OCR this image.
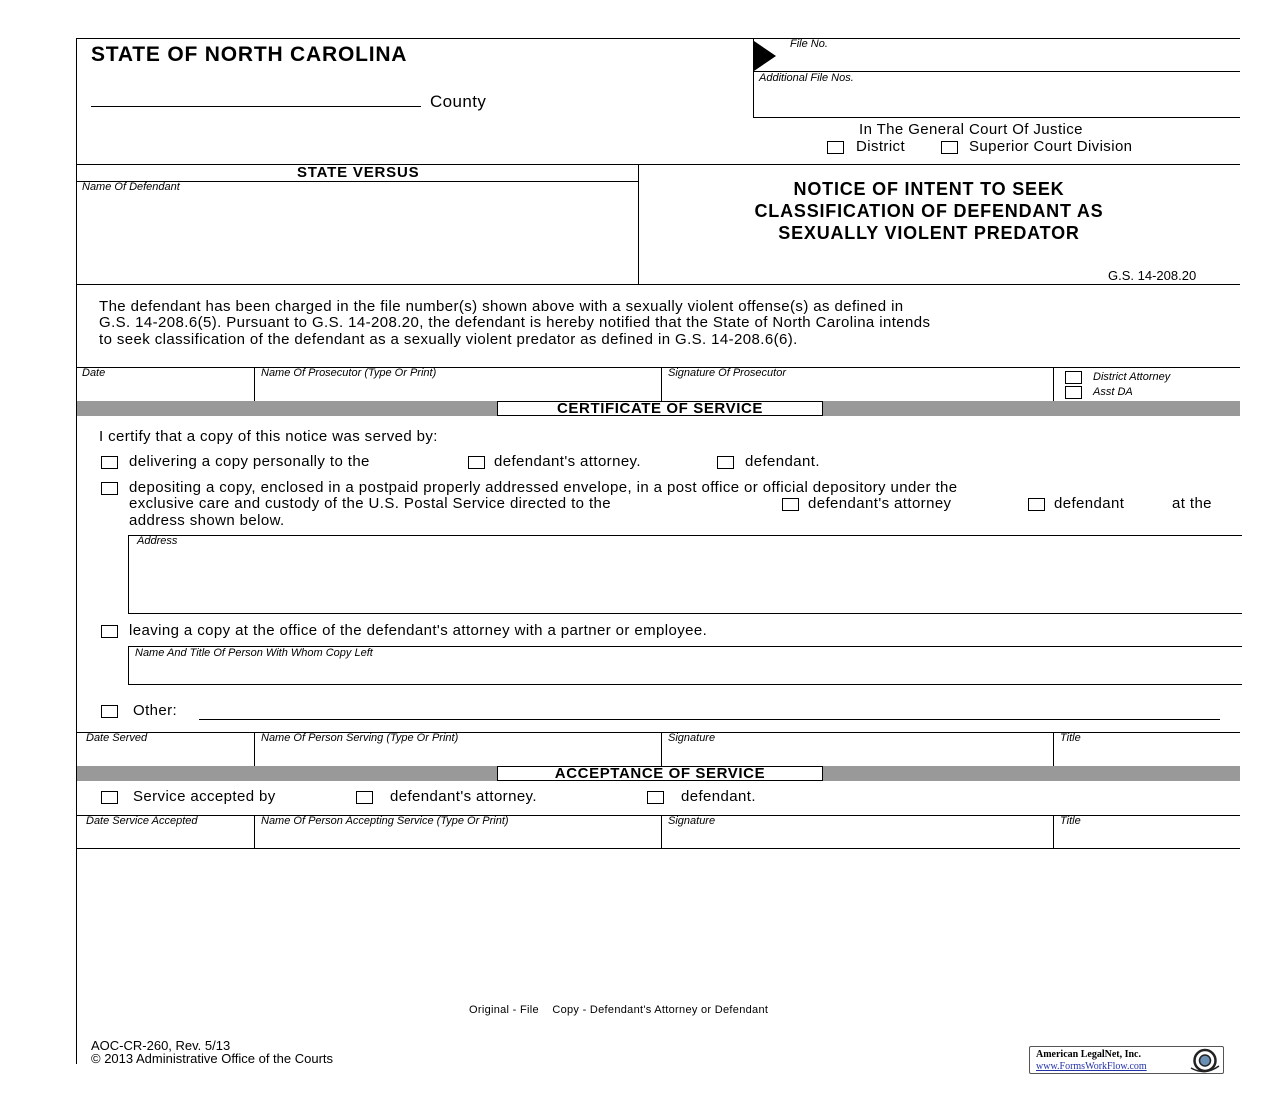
STATE OF NORTH CAROLINA
County
File No.
Additional File Nos.
In The General Court Of Justice
District	Superior Court Division
STATE VERSUS
Name Of Defendant	NOTICE OF INTENT TO SEEK
CLASSIFICATION OF DEFENDANT AS
SEXUALLY VIOLENT PREDATOR
G.S. 14-208.20
The defendant has been charged in the file number(s) shown above with a sexually violent offense(s) as defined in
G.S. 14-208.6(5). Pursuant to G.S. 14-208.20, the defendant is hereby notified that the State of North Carolina intends
to seek classification of the defendant as a sexually violent predator as defined in G.S. 14-208.6(6).
Date	Name Of Prosecutor (Type Or Print)	Signature Of Prosecutor	District Attorney
Asst DA
CERTIFICATE OF SERVICE
I certify that a copy of this notice was served by:
delivering a copy personally to the	defendant's attorney.	defendant.
depositing a copy, enclosed in a postpaid properly addressed envelope, in a post office or official depository under the
exclusive care and custody of the U.S. Postal Service directed to the	defendant's attorney	defendant	at the
address shown below.
Address
leaving a copy at the office of the defendant's attorney with a partner or employee.
Name And Title Of Person With Whom Copy Left
Other:
Date Served	Name Of Person Serving (Type Or Print)	Signature	Title
ACCEPTANCE OF SERVICE
Service accepted by	defendant's attorney.	defendant.
Date Service Accepted	Name Of Person Accepting Service (Type Or Print)	Signature	Title
Original - File    Copy - Defendant's Attorney or Defendant
AOC-CR-260, Rev. 5/13
© 2013 Administrative Office of the Courts	American LegalNet, Inc.
www.FormsWorkFlow.com
